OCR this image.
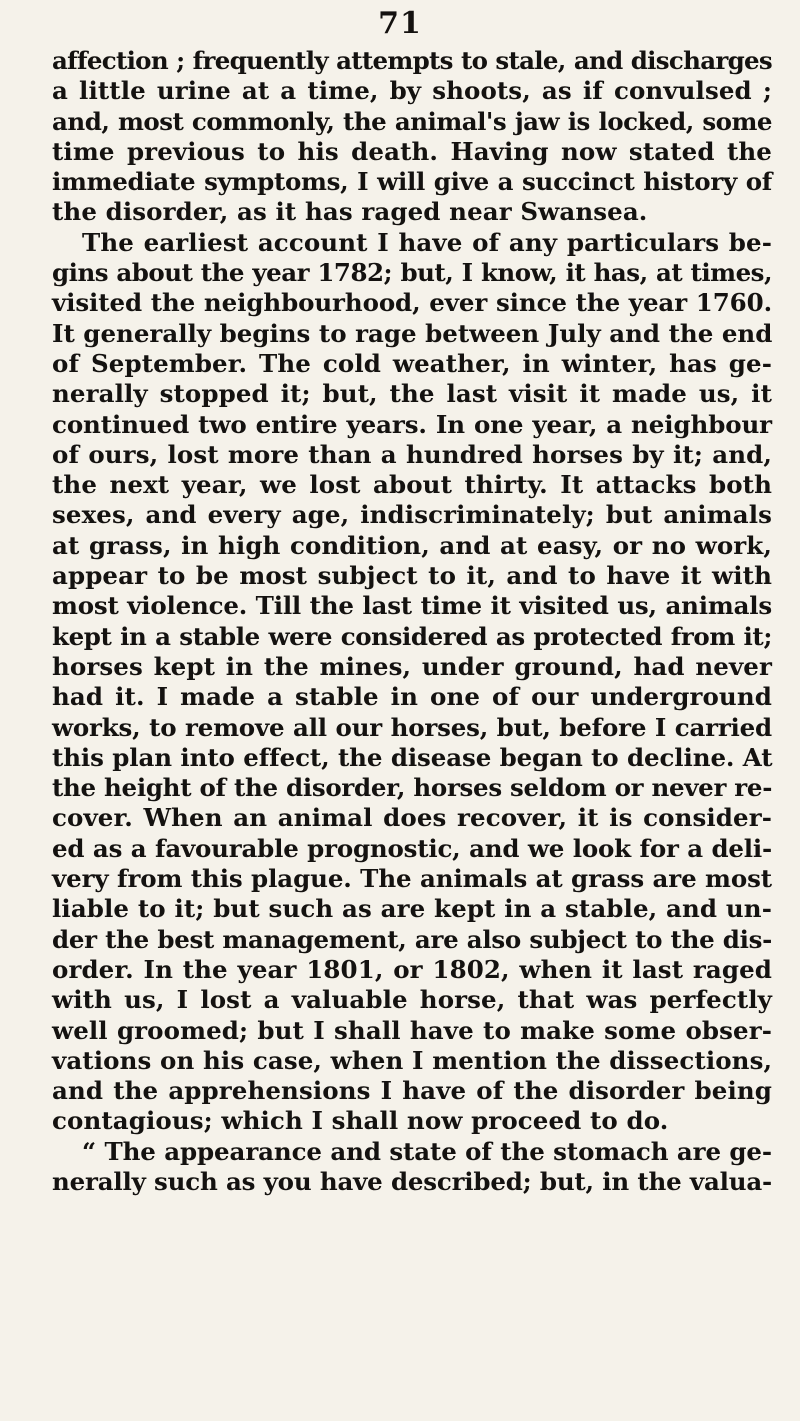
71
affection ; frequently attempts to stale, and discharges
a little urine at a time, by shoots, as if convulsed ;
and, most commonly, the animal's jaw is locked, some
time previous to his death. Having now stated the
immediate symptoms, I will give a succinct history of
the disorder, as it has raged near Swansea.
The earliest account I have of any particulars be-
gins about the year 1782; but, I know, it has, at times,
visited the neighbourhood, ever since the year 1760.
It generally begins to rage between July and the end
of September. The cold weather, in winter, has ge-
nerally stopped it; but, the last visit it made us, it
continued two entire years. In one year, a neighbour
of ours, lost more than a hundred horses by it; and,
the next year, we lost about thirty. It attacks both
sexes, and every age, indiscriminately; but animals
at grass, in high condition, and at easy, or no work,
appear to be most subject to it, and to have it with
most violence. Till the last time it visited us, animals
kept in a stable were considered as protected from it;
horses kept in the mines, under ground, had never
had it. I made a stable in one of our underground
works, to remove all our horses, but, before I carried
this plan into effect, the disease began to decline. At
the height of the disorder, horses seldom or never re-
cover. When an animal does recover, it is consider-
ed as a favourable prognostic, and we look for a deli-
very from this plague. The animals at grass are most
liable to it; but such as are kept in a stable, and un-
der the best management, are also subject to the dis-
order. In the year 1801, or 1802, when it last raged
with us, I lost a valuable horse, that was perfectly
well groomed; but I shall have to make some obser-
vations on his case, when I mention the dissections,
and the apprehensions I have of the disorder being
contagious; which I shall now proceed to do.
“ The appearance and state of the stomach are ge-
nerally such as you have described; but, in the valua-
